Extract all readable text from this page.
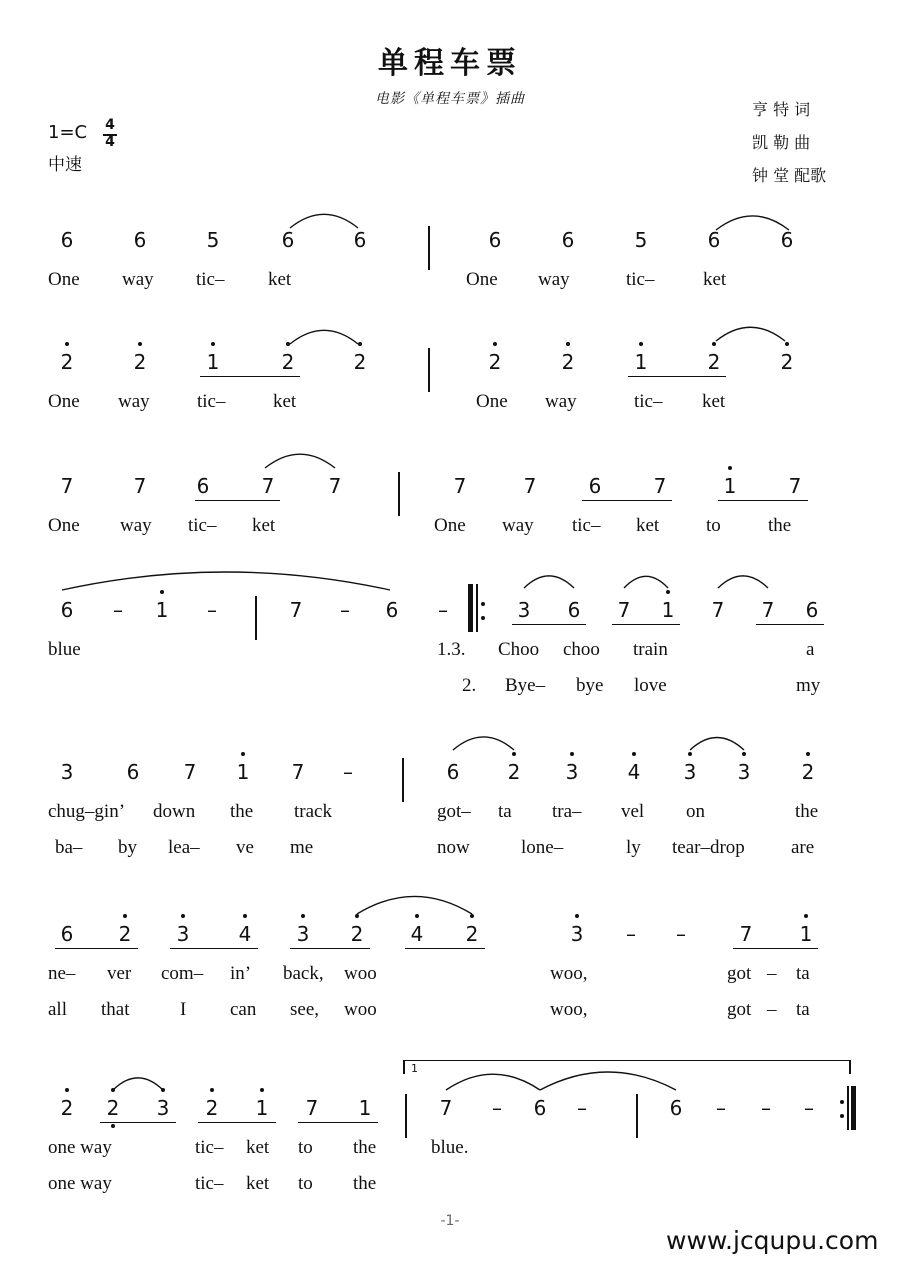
单程车票
电影《单程车票》插曲
1=C 4
4
中速
亨 特 词
凯 勒 曲
钟 堂 配歌
6	6	5	6	6	6	6	5	6	6
One way tic– ket	One way	tic–	ket
2	2	1	2	2	2	2	1	2	2
One way tic–	ket	One way	tic– ket
7	7	6	7	7	7	7	6	7	1	7
One way tic– ket	One way tic– ket to the
6 – 1 –	7 – 6 –	3 6 7 1 7 7 6
blue	1.3. Choo choo train	a
2. Bye– bye love	my
3	6 7 1 7 –	6 2 3 4 3 3	2
chug–gin’ down the track	got– ta tra– vel on	the
ba– by lea– ve me	now	lone–	ly tear–drop are
6 2 3 4 3 2 4 2	3 – –	7 1
ne– ver com– in’ back, woo	woo,	got – ta
all that	I can see, woo	woo,	got – ta
2 2 3 2 1 7 1	7 – 6 –	6 – – –
1
one way	tic– ket to the	blue.
one way	tic– ket to the
-1-
www.jcqupu.com
